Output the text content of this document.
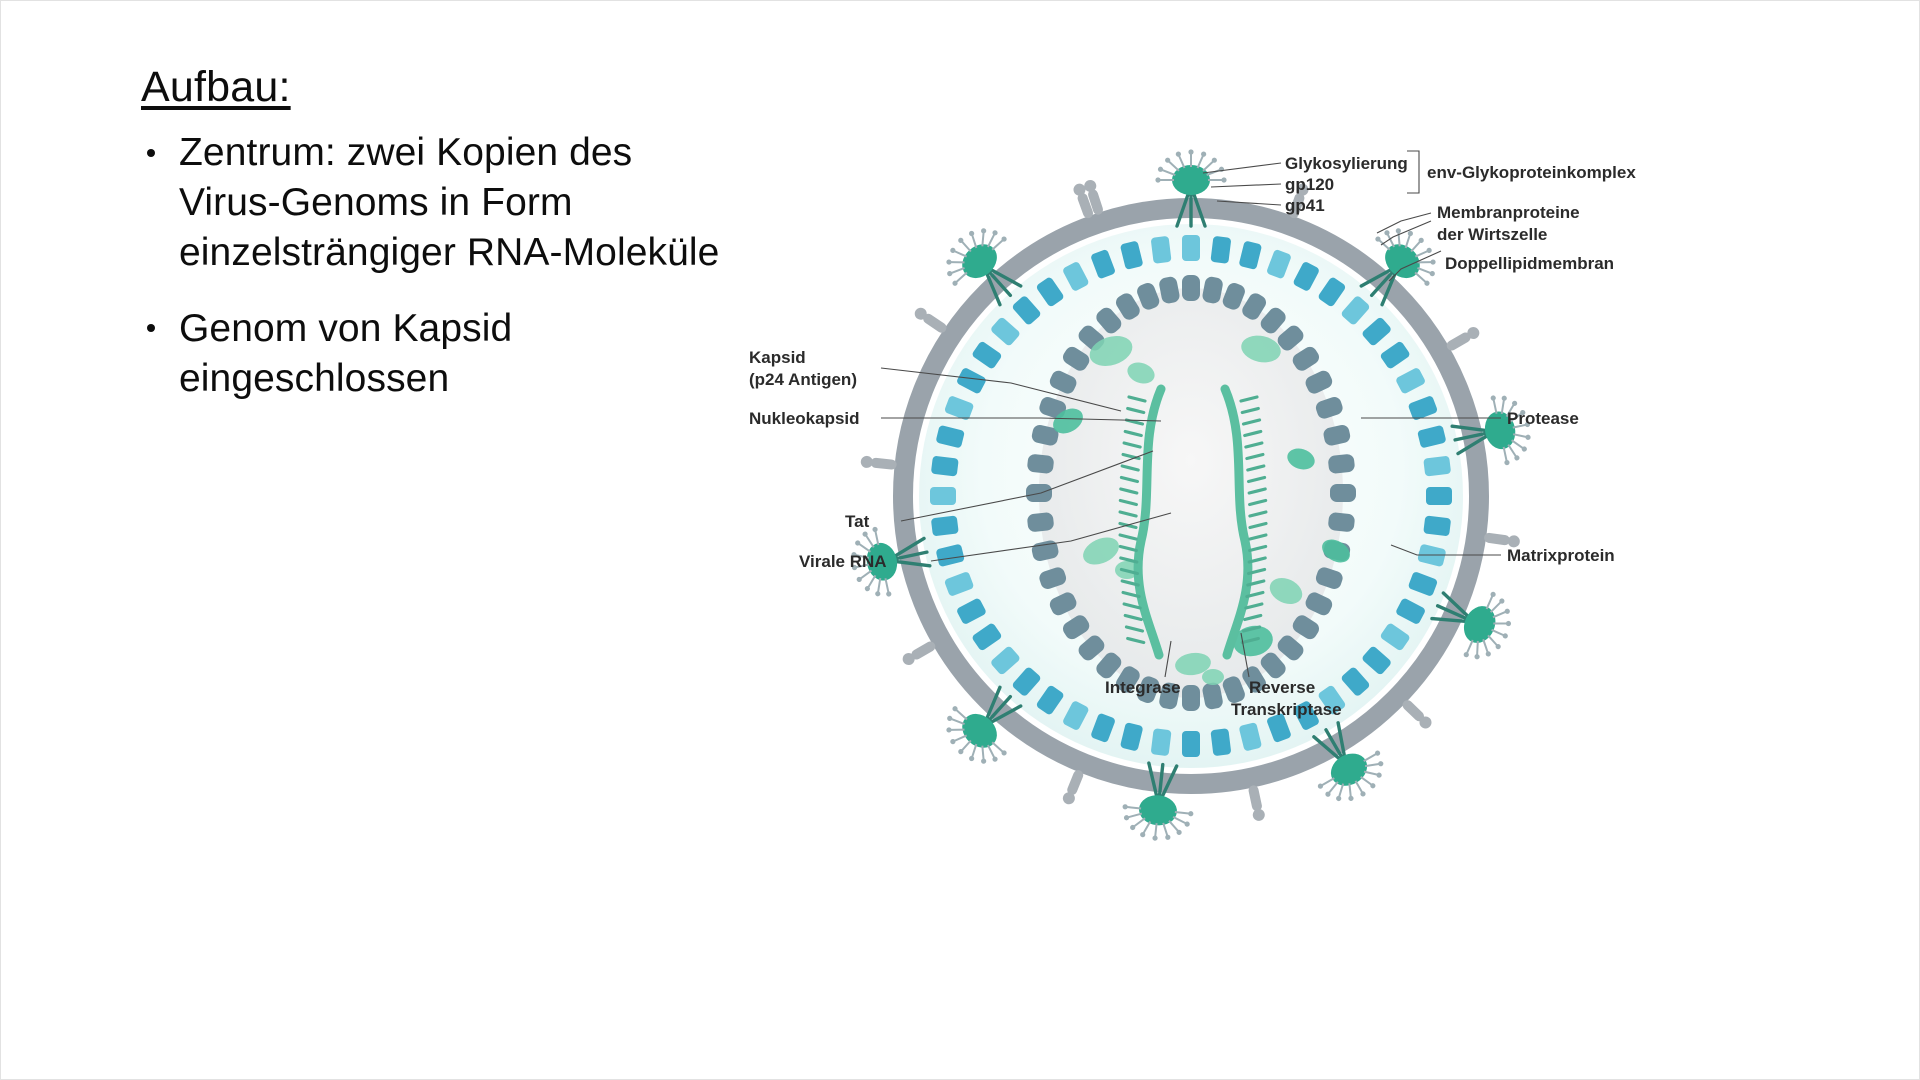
Aufbau:
Zentrum: zwei Kopien des Virus-Genoms in Form einzelsträngiger RNA-Moleküle
Genom von Kapsid eingeschlossen
Glykosylierung
gp120
gp41
env-Glykoproteinkomplex
Membranproteine
der Wirtszelle
Doppellipidmembran
Kapsid
(p24 Antigen)
Nukleokapsid
Tat
Virale RNA
Protease
Matrixprotein
Integrase	Reverse
Transkriptase
